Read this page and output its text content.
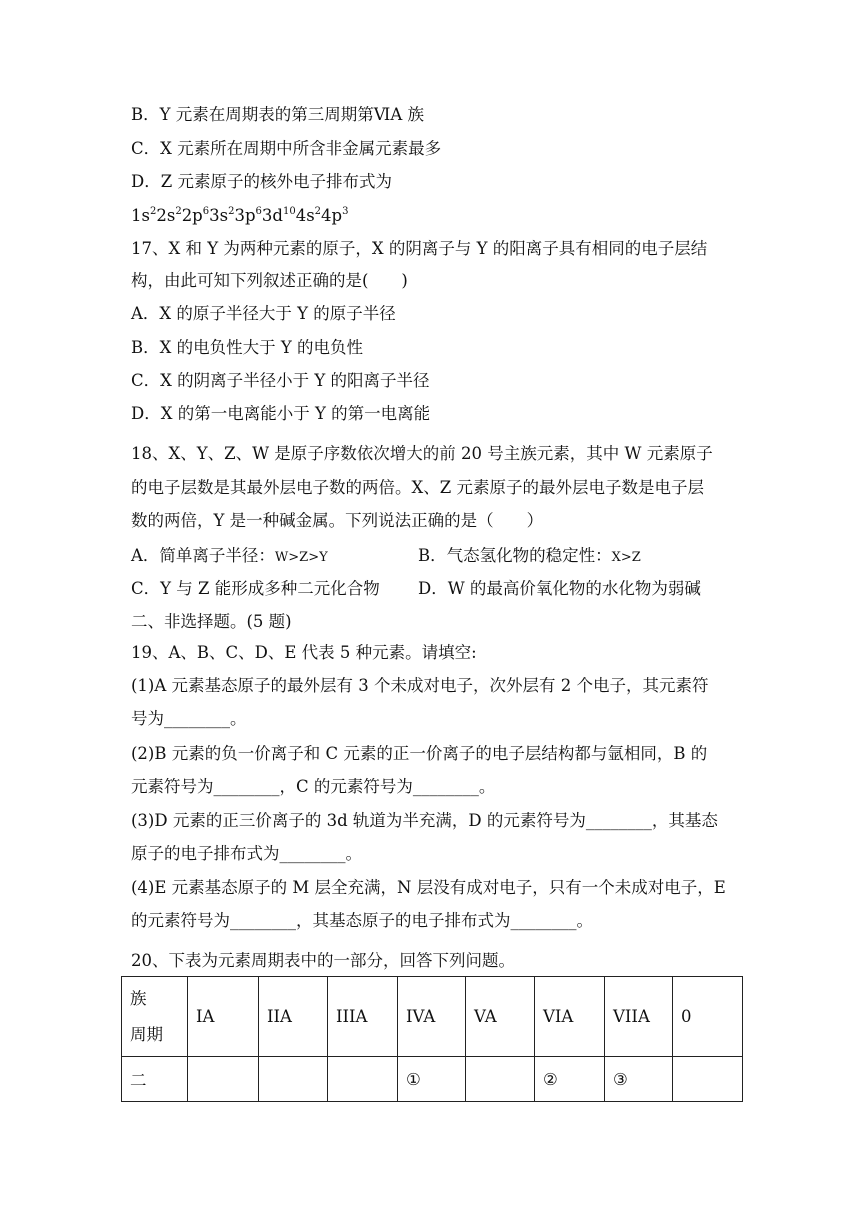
B．Y 元素在周期表的第三周期第ⅥA 族
C．X 元素所在周期中所含非金属元素最多
D．Z 元素原子的核外电子排布式为
$1s^22s^22p^63s^23p^63d^{10}4s^24p^3$
17、X 和 Y 为两种元素的原子，X 的阴离子与 Y 的阳离子具有相同的电子层结
构，由此可知下列叙述正确的是(　　)
A．X 的原子半径大于 Y 的原子半径
B．X 的电负性大于 Y 的电负性
C．X 的阴离子半径小于 Y 的阳离子半径
D．X 的第一电离能小于 Y 的第一电离能
18、X、Y、Z、W 是原子序数依次增大的前 20 号主族元素，其中 W 元素原子
的电子层数是其最外层电子数的两倍。X、Z 元素原子的最外层电子数是电子层
数的两倍，Y 是一种碱金属。下列说法正确的是（　　）
A．简单离子半径：W>Z>Y	B．气态氢化物的稳定性：X>Z
C．Y 与 Z 能形成多种二元化合物 D．W 的最高价氧化物的水化物为弱碱
二、非选择题。(5 题)
19、A、B、C、D、E 代表 5 种元素。请填空:
(1)A 元素基态原子的最外层有 3 个未成对电子，次外层有 2 个电子，其元素符
号为________。
(2)B 元素的负一价离子和 C 元素的正一价离子的电子层结构都与氩相同，B 的
元素符号为________，C 的元素符号为________。
(3)D 元素的正三价离子的 3d 轨道为半充满，D 的元素符号为________，其基态
原子的电子排布式为________。
(4)E 元素基态原子的 M 层全充满，N 层没有成对电子，只有一个未成对电子，E
的元素符号为________，其基态原子的电子排布式为________。
20、下表为元素周期表中的一部分，回答下列问题。
族
周期	IA	IIA	IIIA	IVA	VA	VIA	VIIA	0
二				①		②	③	
